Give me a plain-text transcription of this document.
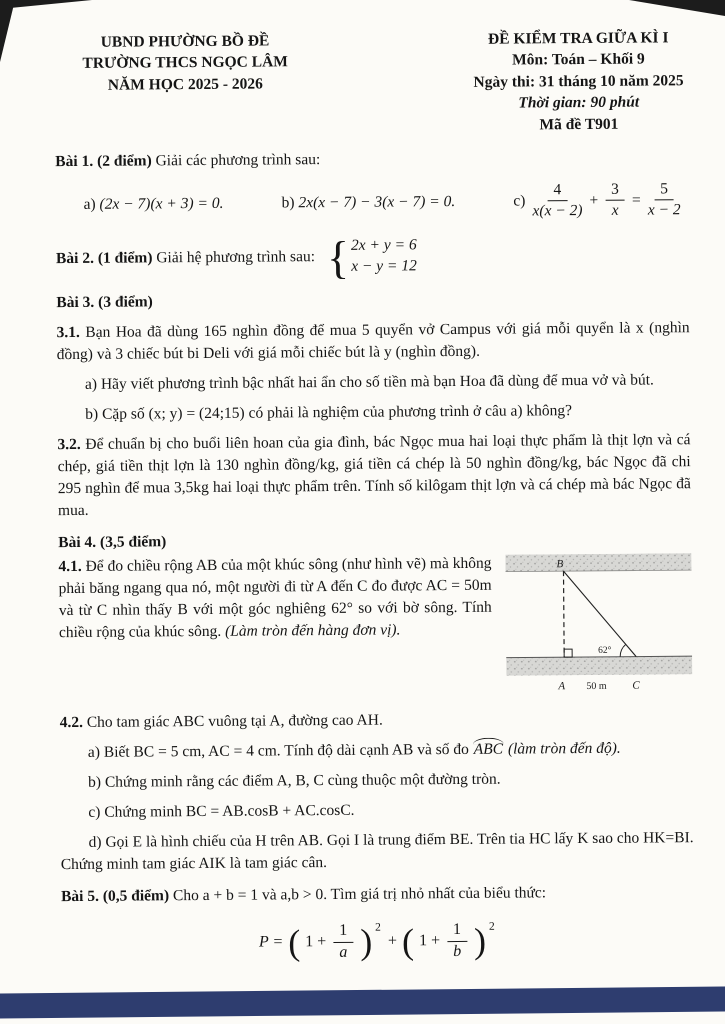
UBND PHƯỜNG BỒ ĐỀ
TRƯỜNG THCS NGỌC LÂM
NĂM HỌC 2025 - 2026
ĐỀ KIỂM TRA GIỮA KÌ I
Môn: Toán – Khối 9
Ngày thi: 31 tháng 10 năm 2025
Thời gian: 90 phút
Mã đề T901

Bài 1. (2 điểm) Giải các phương trình sau:

a) (2x − 7)(x + 3) = 0.	b) 2x(x − 7) − 3(x − 7) = 0.	$c) \frac{4}{x(x - 2)} + \frac{3}{x} = \frac{5}{x - 2}$
Bài 2. (1 điểm) Giải hệ phương trình sau: { 2x + y = 6
x − y = 12

Bài 3. (3 điểm)

3.1. Bạn Hoa đã dùng 165 nghìn đồng để mua 5 quyển vở Campus với giá mỗi quyển là x (nghìn đồng) và 3 chiếc bút bi Deli với giá mỗi chiếc bút là y (nghìn đồng).

a) Hãy viết phương trình bậc nhất hai ẩn cho số tiền mà bạn Hoa đã dùng để mua vở và bút.

b) Cặp số (x; y) = (24;15) có phải là nghiệm của phương trình ở câu a) không?

3.2. Để chuẩn bị cho buổi liên hoan của gia đình, bác Ngọc mua hai loại thực phẩm là thịt lợn và cá chép, giá tiền thịt lợn là 130 nghìn đồng/kg, giá tiền cá chép là 50 nghìn đồng/kg, bác Ngọc đã chi 295 nghìn để mua 3,5kg hai loại thực phẩm trên. Tính số kilôgam thịt lợn và cá chép mà bác Ngọc đã mua.

Bài 4. (3,5 điểm)

B
62°
A 50 m C

4.1. Để đo chiều rộng AB của một khúc sông (như hình vẽ) mà không phải băng ngang qua nó, một người đi từ A đến C đo được AC = 50m và từ C nhìn thấy B với một góc nghiêng 62° so với bờ sông. Tính chiều rộng của khúc sông. (Làm tròn đến hàng đơn vị).

4.2. Cho tam giác ABC vuông tại A, đường cao AH.

a) Biết BC = 5 cm, AC = 4 cm. Tính độ dài cạnh AB và số đo ABC (làm tròn đến độ).

b) Chứng minh rằng các điểm A, B, C cùng thuộc một đường tròn.

c) Chứng minh BC = AB.cosB + AC.cosC.

d) Gọi E là hình chiếu của H trên AB. Gọi I là trung điểm BE. Trên tia HC lấy K sao cho HK=BI. Chứng minh tam giác AIK là tam giác cân.

Bài 5. (0,5 điểm) Cho a + b = 1 và a,b > 0. Tìm giá trị nhỏ nhất của biểu thức:

P = ( $1 + \frac{1}{a}$ ) 2
+ ( $1 + \frac{1}{b}$ ) 2
